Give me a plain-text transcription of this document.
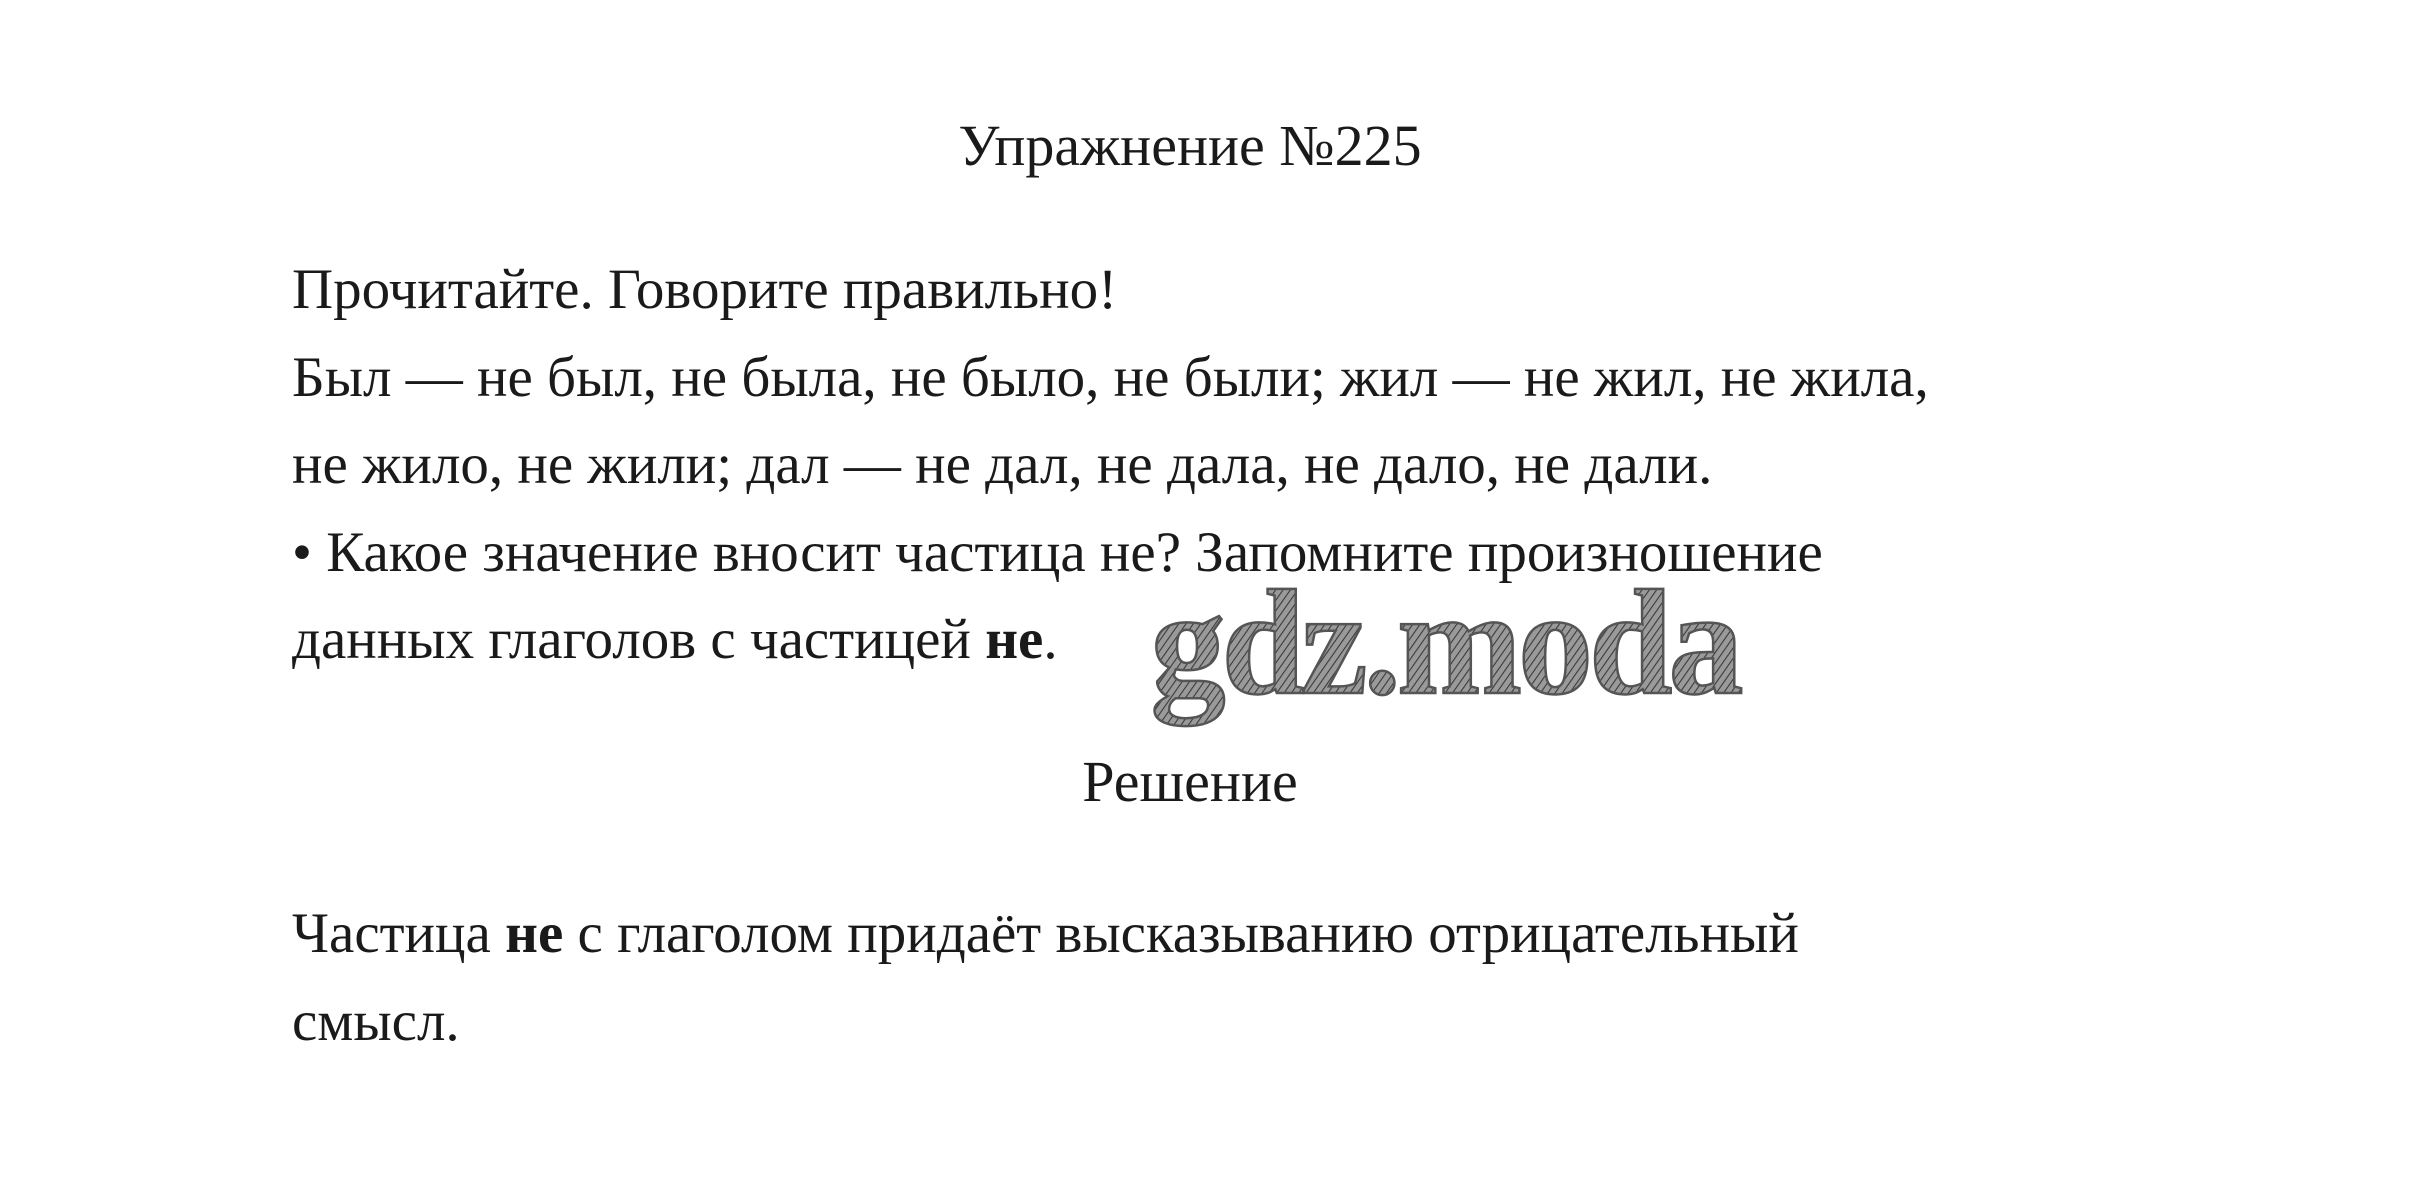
Упражнение №225

Прочитайте. Говорите правильно!

Был — не был, не была, не было, не были; жил — не жил, не жила,

не жило, не жили; дал — не дал, не дала, не дало, не дали.

• Какое значение вносит частица не? Запомните произношение

данных глаголов с частицей не. gdz.moda
Решение

Частица не с глаголом придаёт высказыванию отрицательный

смысл.
